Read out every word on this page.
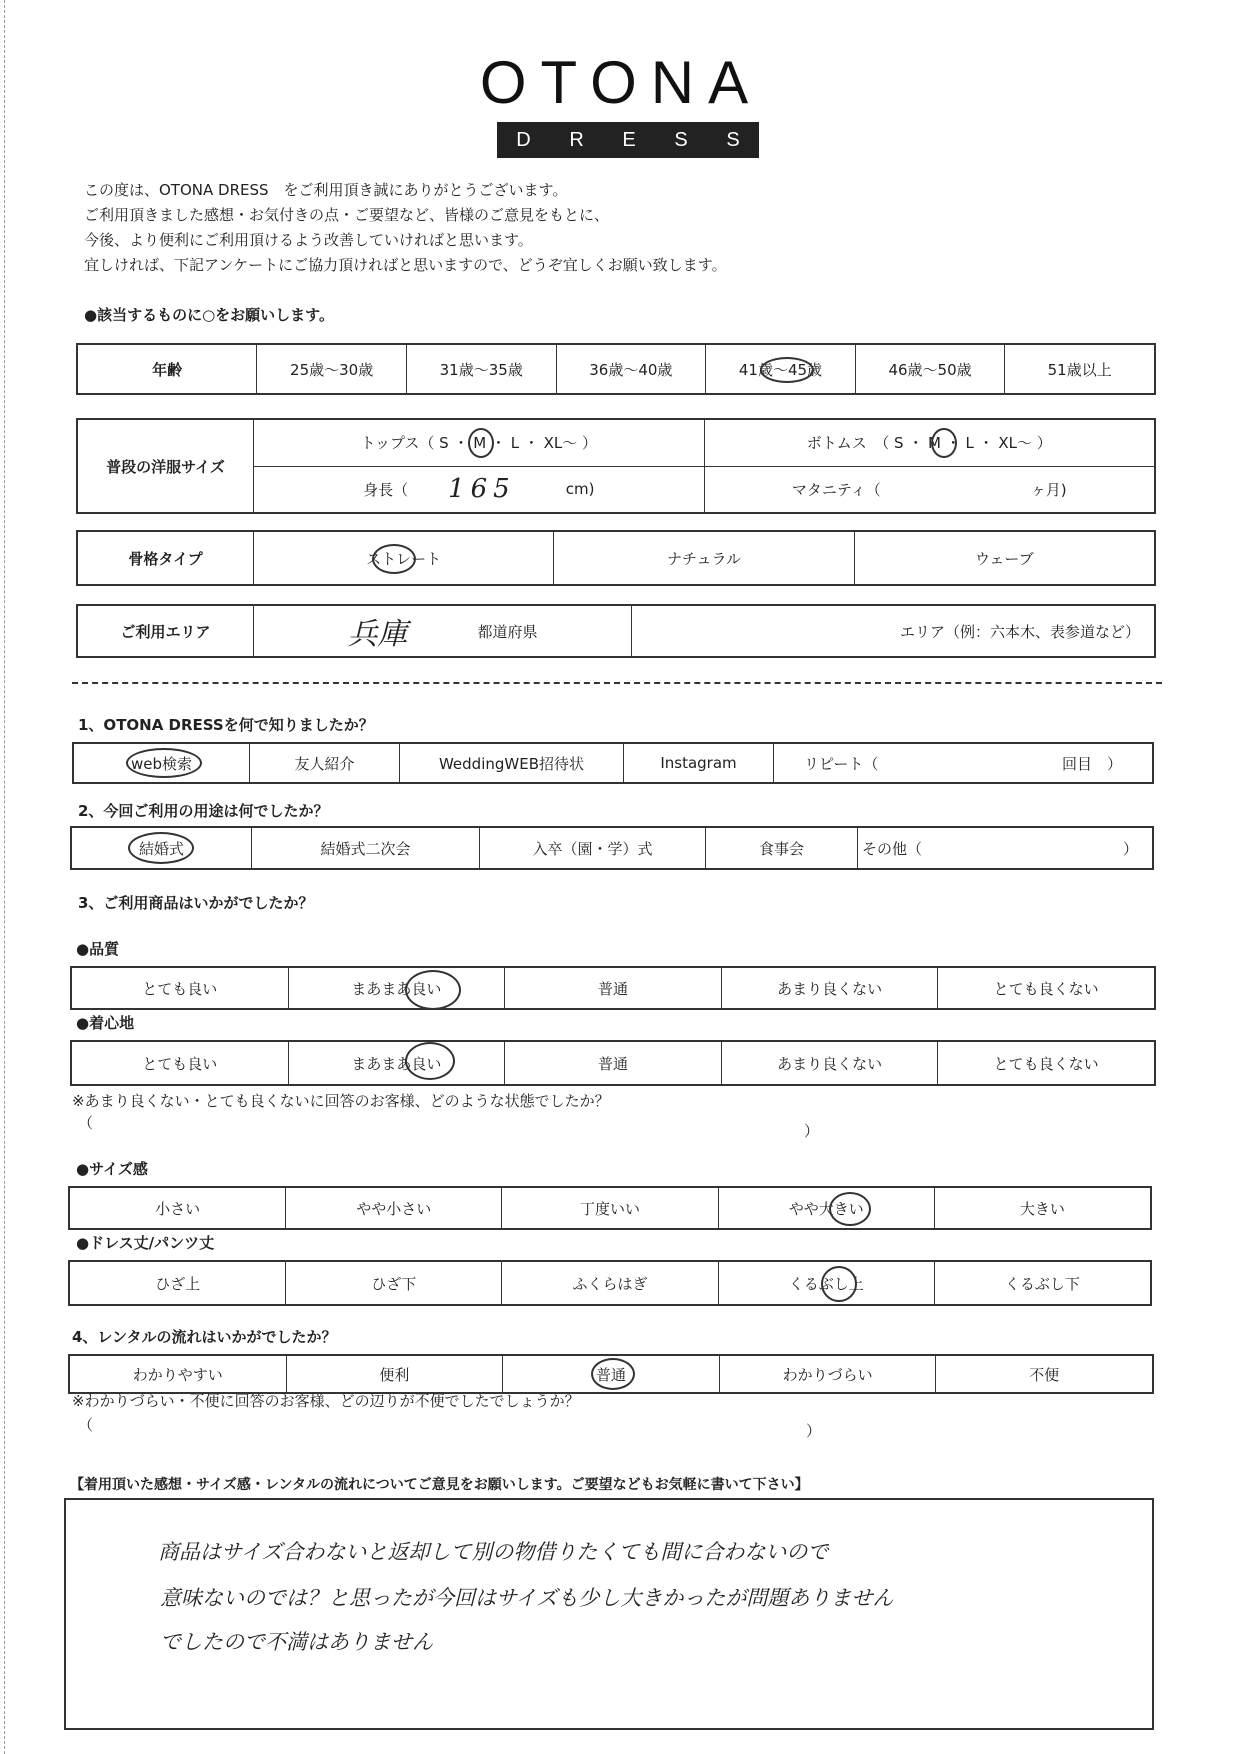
OTONA
D R E S S
この度は、OTONA DRESS　をご利用頂き誠にありがとうございます。
ご利用頂きました感想・お気付きの点・ご要望など、皆様のご意見をもとに、
今後、より便利にご利用頂けるよう改善していければと思います。
宜しければ、下記アンケートにご協力頂ければと思いますので、どうぞ宜しくお願い致します。
●該当するものに○をお願いします。
年齢	25歳〜30歳	31歳〜35歳	36歳〜40歳	41歳〜45歳	46歳〜50歳	51歳以上
普段の洋服サイズ
トップス（ S ・ M ・ L ・ XL〜 ）	ボトムス　（ S ・ M ・ L ・ XL〜 ）
身長（ 165	cm)	マタニティ（	ヶ月)
骨格タイプ	ストレート	ナチュラル	ウェーブ
ご利用エリア	兵庫	都道府県	エリア（例：六本木、表参道など）
1、OTONA DRESSを何で知りましたか？
web検索	友人紹介	WeddingWEB招待状	Instagram	リピート（	回目　）
2、今回ご利用の用途は何でしたか？
結婚式	結婚式二次会	入卒（園・学）式	食事会	その他（	）
3、ご利用商品はいかがでしたか？
●品質
とても良い	まあまあ良い	普通	あまり良くない	とても良くない
●着心地
とても良い	まあまあ良い	普通	あまり良くない	とても良くない
※あまり良くない・とても良くないに回答のお客様、どのような状態でしたか？
（	）
●サイズ感
小さい	やや小さい	丁度いい	やや大きい	大きい
●ドレス丈/パンツ丈
ひざ上	ひざ下	ふくらはぎ	くるぶし上	くるぶし下
4、レンタルの流れはいかがでしたか？
わかりやすい	便利	普通	わかりづらい	不便
※わかりづらい・不便に回答のお客様、どの辺りが不便でしたでしょうか？
（	）
【着用頂いた感想・サイズ感・レンタルの流れについてご意見をお願いします。ご要望などもお気軽に書いて下さい】
商品はサイズ合わないと返却して別の物借りたくても間に合わないので
意味ないのでは？と思ったが今回はサイズも少し大きかったが問題ありません
でしたので不満はありません
